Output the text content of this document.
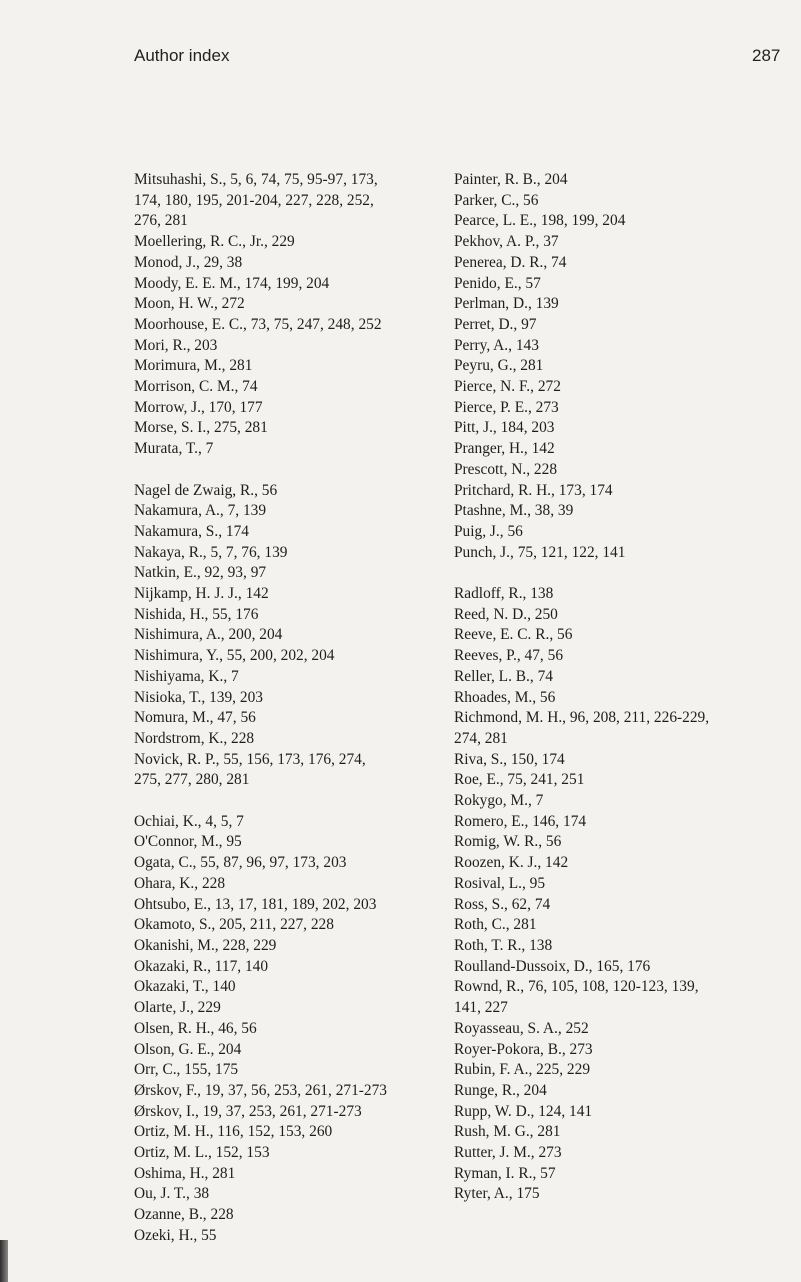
Author index	287
Mitsuhashi, S., 5, 6, 74, 75, 95-97, 173,
174, 180, 195, 201-204, 227, 228, 252,
276, 281
Moellering, R. C., Jr., 229
Monod, J., 29, 38
Moody, E. E. M., 174, 199, 204
Moon, H. W., 272
Moorhouse, E. C., 73, 75, 247, 248, 252
Mori, R., 203
Morimura, M., 281
Morrison, C. M., 74
Morrow, J., 170, 177
Morse, S. I., 275, 281
Murata, T., 7
Nagel de Zwaig, R., 56
Nakamura, A., 7, 139
Nakamura, S., 174
Nakaya, R., 5, 7, 76, 139
Natkin, E., 92, 93, 97
Nijkamp, H. J. J., 142
Nishida, H., 55, 176
Nishimura, A., 200, 204
Nishimura, Y., 55, 200, 202, 204
Nishiyama, K., 7
Nisioka, T., 139, 203
Nomura, M., 47, 56
Nordstrom, K., 228
Novick, R. P., 55, 156, 173, 176, 274,
275, 277, 280, 281
Ochiai, K., 4, 5, 7
O'Connor, M., 95
Ogata, C., 55, 87, 96, 97, 173, 203
Ohara, K., 228
Ohtsubo, E., 13, 17, 181, 189, 202, 203
Okamoto, S., 205, 211, 227, 228
Okanishi, M., 228, 229
Okazaki, R., 117, 140
Okazaki, T., 140
Olarte, J., 229
Olsen, R. H., 46, 56
Olson, G. E., 204
Orr, C., 155, 175
Ørskov, F., 19, 37, 56, 253, 261, 271-273
Ørskov, I., 19, 37, 253, 261, 271-273
Ortiz, M. H., 116, 152, 153, 260
Ortiz, M. L., 152, 153
Oshima, H., 281
Ou, J. T., 38
Ozanne, B., 228
Ozeki, H., 55
Painter, R. B., 204
Parker, C., 56
Pearce, L. E., 198, 199, 204
Pekhov, A. P., 37
Penerea, D. R., 74
Penido, E., 57
Perlman, D., 139
Perret, D., 97
Perry, A., 143
Peyru, G., 281
Pierce, N. F., 272
Pierce, P. E., 273
Pitt, J., 184, 203
Pranger, H., 142
Prescott, N., 228
Pritchard, R. H., 173, 174
Ptashne, M., 38, 39
Puig, J., 56
Punch, J., 75, 121, 122, 141
Radloff, R., 138
Reed, N. D., 250
Reeve, E. C. R., 56
Reeves, P., 47, 56
Reller, L. B., 74
Rhoades, M., 56
Richmond, M. H., 96, 208, 211, 226-229,
274, 281
Riva, S., 150, 174
Roe, E., 75, 241, 251
Rokygo, M., 7
Romero, E., 146, 174
Romig, W. R., 56
Roozen, K. J., 142
Rosival, L., 95
Ross, S., 62, 74
Roth, C., 281
Roth, T. R., 138
Roulland-Dussoix, D., 165, 176
Rownd, R., 76, 105, 108, 120-123, 139,
141, 227
Royasseau, S. A., 252
Royer-Pokora, B., 273
Rubin, F. A., 225, 229
Runge, R., 204
Rupp, W. D., 124, 141
Rush, M. G., 281
Rutter, J. M., 273
Ryman, I. R., 57
Ryter, A., 175
